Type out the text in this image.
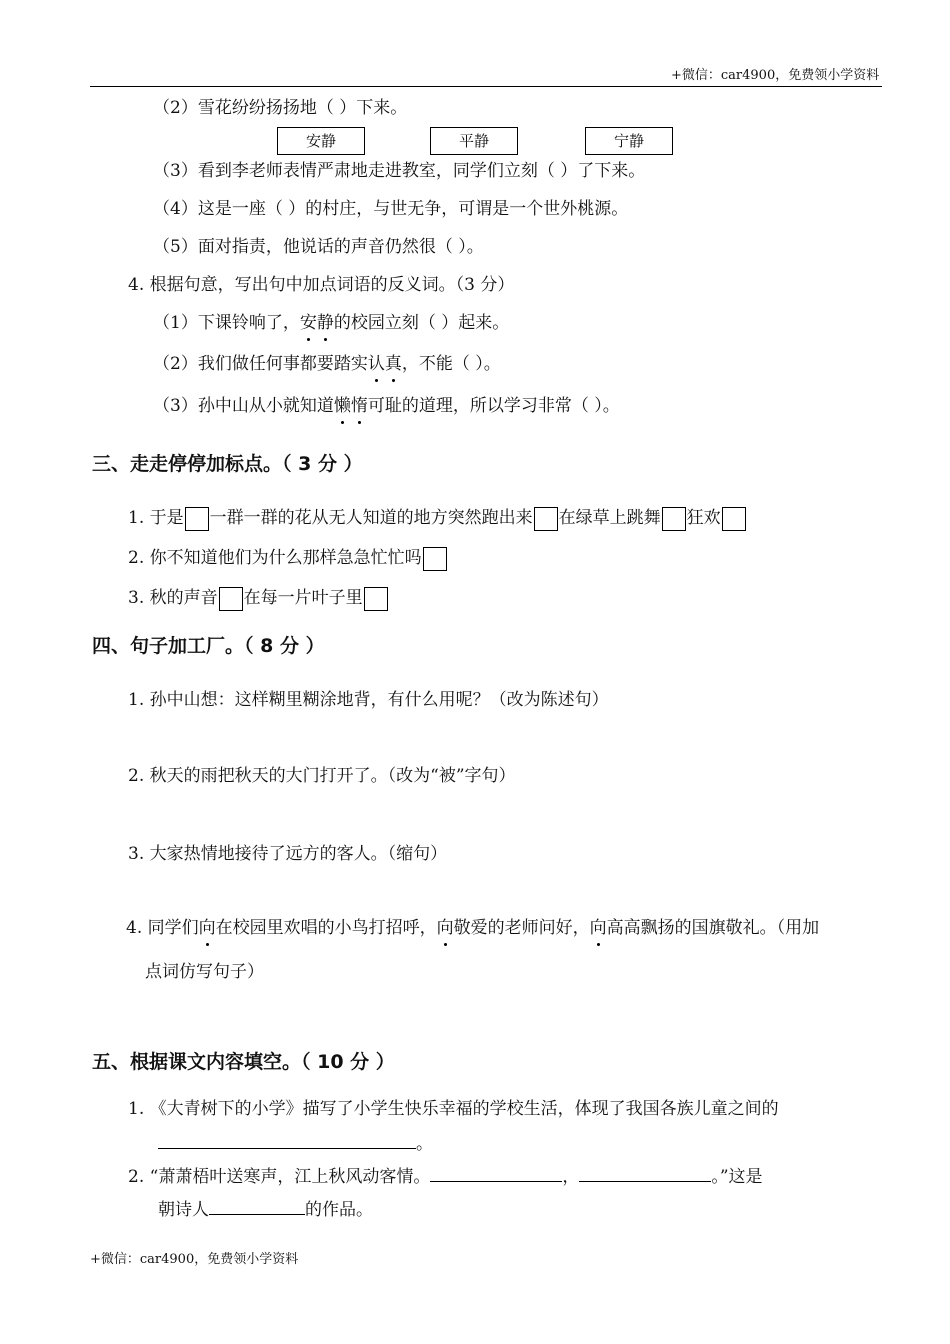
+微信：car4900，免费领小学资料
（2）雪花纷纷扬扬地（ ）下来。
安静	平静	宁静
（3）看到李老师表情严肃地走进教室，同学们立刻（ ）了下来。
（4）这是一座（ ）的村庄，与世无争，可谓是一个世外桃源。
（5）面对指责，他说话的声音仍然很（ ）。
4. 根据句意，写出句中加点词语的反义词。（3 分）
（1）下课铃响了，安静的校园立刻（ ）起来。
（2）我们做任何事都要踏实认真，不能（ ）。
（3）孙中山从小就知道懒惰可耻的道理，所以学习非常（ ）。
三、走走停停加标点。（ 3 分 ）
1. 于是 一群一群的花从无人知道的地方突然跑出来 在绿草上跳舞 狂欢
2. 你不知道他们为什么那样急急忙忙吗
3. 秋的声音 在每一片叶子里
四、句子加工厂。（ 8 分 ）
1. 孙中山想：这样糊里糊涂地背，有什么用呢？（改为陈述句）
2. 秋天的雨把秋天的大门打开了。（改为“被”字句）
3. 大家热情地接待了远方的客人。（缩句）
4. 同学们向在校园里欢唱的小鸟打招呼，向敬爱的老师问好，向高高飘扬的国旗敬礼。（用加
点词仿写句子）
五、根据课文内容填空。（ 10 分 ）
1. 《大青树下的小学》描写了小学生快乐幸福的学校生活，体现了我国各族儿童之间的
。
2. “萧萧梧叶送寒声，江上秋风动客情。	，	。”这是
朝诗人	的作品。
+微信：car4900，免费领小学资料
